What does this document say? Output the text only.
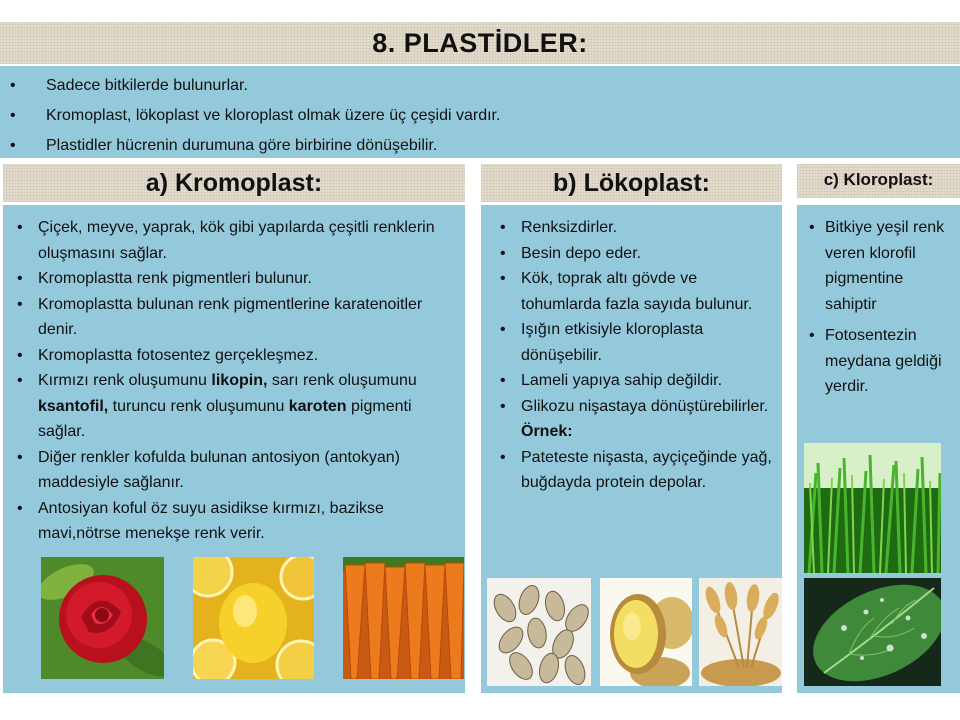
8. PLASTİDLER:
• Sadece bitkilerde bulunurlar.
• Kromoplast, lökoplast ve kloroplast olmak üzere üç çeşidi vardır.
• Plastidler hücrenin durumuna göre birbirine dönüşebilir.
a) Kromoplast:	b) Lökoplast:	c) Kloroplast:
• Çiçek, meyve, yaprak, kök gibi yapılarda çeşitli renklerin oluşmasını sağlar.
• Kromoplastta renk pigmentleri bulunur.
• Kromoplastta bulunan renk pigmentlerine karatenoitler denir.
• Kromoplastta fotosentez gerçekleşmez.
• Kırmızı renk oluşumunu likopin, sarı renk oluşumunu ksantofil, turuncu renk oluşumunu karoten pigmenti sağlar.
• Diğer renkler kofulda bulunan antosiyon (antokyan) maddesiyle sağlanır.
• Antosiyan koful öz suyu asidikse kırmızı, bazikse mavi,nötrse menekşe renk verir.
• Renksizdirler.
• Besin depo eder.
• Kök, toprak altı gövde ve tohumlarda fazla sayıda bulunur.
• Işığın etkisiyle kloroplasta dönüşebilir.
• Lameli yapıya sahip değildir.
• Glikozu nişastaya dönüştürebilirler.
Örnek:
• Pateteste nişasta, ayçiçeğinde yağ, buğdayda protein depolar.
• Bitkiye yeşil renk veren klorofil pigmentine sahiptir
• Fotosentezin meydana geldiği yerdir.
